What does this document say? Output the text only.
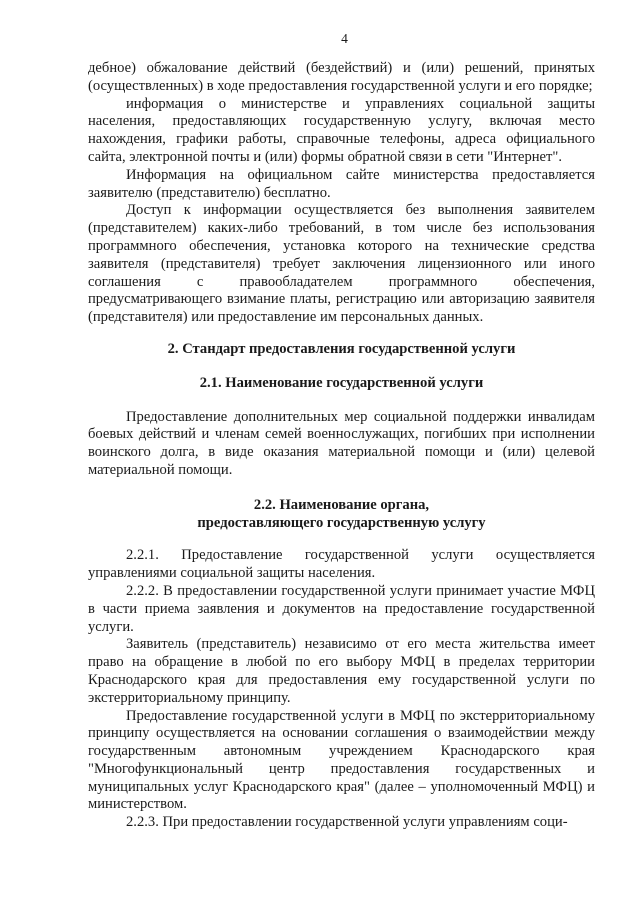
4

дебное) обжалование действий (бездействий) и (или) решений, принятых (осуществленных) в ходе предоставления государственной услуги и его порядке;

информация о министерстве и управлениях социальной защиты населения, предоставляющих государственную услугу, включая место нахождения, графики работы, справочные телефоны, адреса официального сайта, электронной почты и (или) формы обратной связи в сети "Интернет".

Информация на официальном сайте министерства предоставляется заявителю (представителю) бесплатно.

Доступ к информации осуществляется без выполнения заявителем (представителем) каких-либо требований, в том числе без использования программного обеспечения, установка которого на технические средства заявителя (представителя) требует заключения лицензионного или иного соглашения с правообладателем программного обеспечения, предусматривающего взимание платы, регистрацию или авторизацию заявителя (представителя) или предоставление им персональных данных.

2. Стандарт предоставления государственной услуги
2.1. Наименование государственной услуги

Предоставление дополнительных мер социальной поддержки инвалидам боевых действий и членам семей военнослужащих, погибших при исполнении воинского долга, в виде оказания материальной помощи и (или) целевой материальной помощи.

2.2. Наименование органа,
предоставляющего государственную услугу

2.2.1. Предоставление государственной услуги осуществляется управлениями социальной защиты населения.

2.2.2. В предоставлении государственной услуги принимает участие МФЦ в части приема заявления и документов на предоставление государственной услуги.

Заявитель (представитель) независимо от его места жительства имеет право на обращение в любой по его выбору МФЦ в пределах территории Краснодарского края для предоставления ему государственной услуги по экстерриториальному принципу.

Предоставление государственной услуги в МФЦ по экстерриториальному принципу осуществляется на основании соглашения о взаимодействии между государственным автономным учреждением Краснодарского края "Многофункциональный центр предоставления государственных и муниципальных услуг Краснодарского края" (далее – уполномоченный МФЦ) и министерством.

2.2.3. При предоставлении государственной услуги управлениям соци-
